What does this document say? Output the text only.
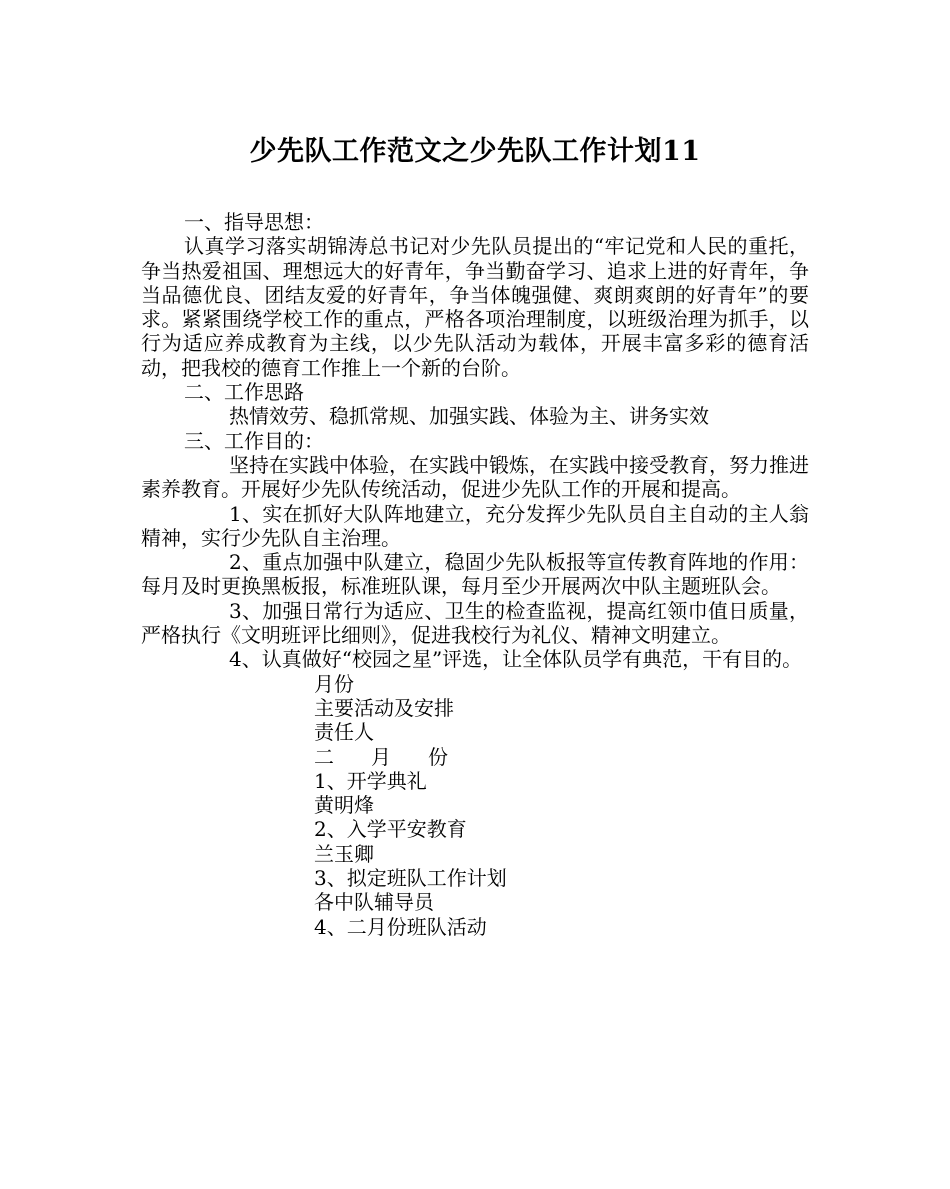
少先队工作范文之少先队工作计划11

一、指导思想：

认真学习落实胡锦涛总书记对少先队员提出的“牢记党和人民的重托，争当热爱祖国、理想远大的好青年，争当勤奋学习、追求上进的好青年，争当品德优良、团结友爱的好青年，争当体魄强健、爽朗爽朗的好青年”的要求。紧紧围绕学校工作的重点，严格各项治理制度，以班级治理为抓手，以行为适应养成教育为主线，以少先队活动为载体，开展丰富多彩的德育活动，把我校的德育工作推上一个新的台阶。

二、工作思路

热情效劳、稳抓常规、加强实践、体验为主、讲务实效

三、工作目的：

坚持在实践中体验，在实践中锻炼，在实践中接受教育，努力推进素养教育。开展好少先队传统活动，促进少先队工作的开展和提高。

1、实在抓好大队阵地建立，充分发挥少先队员自主自动的主人翁精神，实行少先队自主治理。

2、重点加强中队建立，稳固少先队板报等宣传教育阵地的作用：每月及时更换黑板报，标准班队课，每月至少开展两次中队主题班队会。

3、加强日常行为适应、卫生的检查监视，提高红领巾值日质量，严格执行《文明班评比细则》，促进我校行为礼仪、精神文明建立。

4、认真做好“校园之星”评选，让全体队员学有典范，干有目的。

月份
主要活动及安排
责任人
二 月 份
1、开学典礼
黄明烽
2、入学平安教育
兰玉卿
3、拟定班队工作计划
各中队辅导员
4、二月份班队活动
